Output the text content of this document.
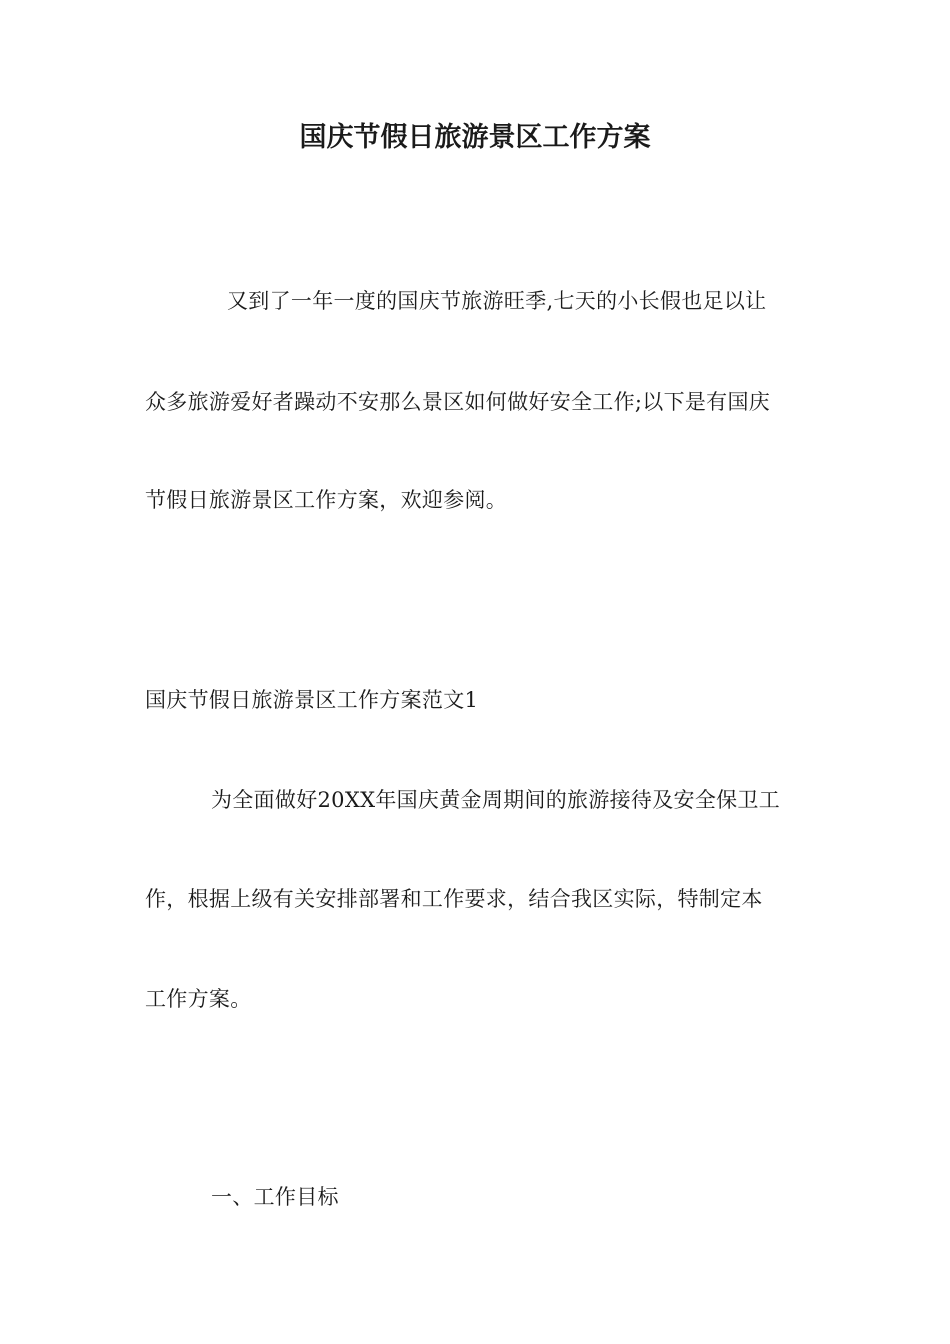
国庆节假日旅游景区工作方案
又到了一年一度的国庆节旅游旺季,七天的小长假也足以让
众多旅游爱好者躁动不安那么景区如何做好安全工作;以下是有国庆
节假日旅游景区工作方案，欢迎参阅。
国庆节假日旅游景区工作方案范文1
为全面做好20XX年国庆黄金周期间的旅游接待及安全保卫工
作，根据上级有关安排部署和工作要求，结合我区实际，特制定本
工作方案。
一、工作目标
